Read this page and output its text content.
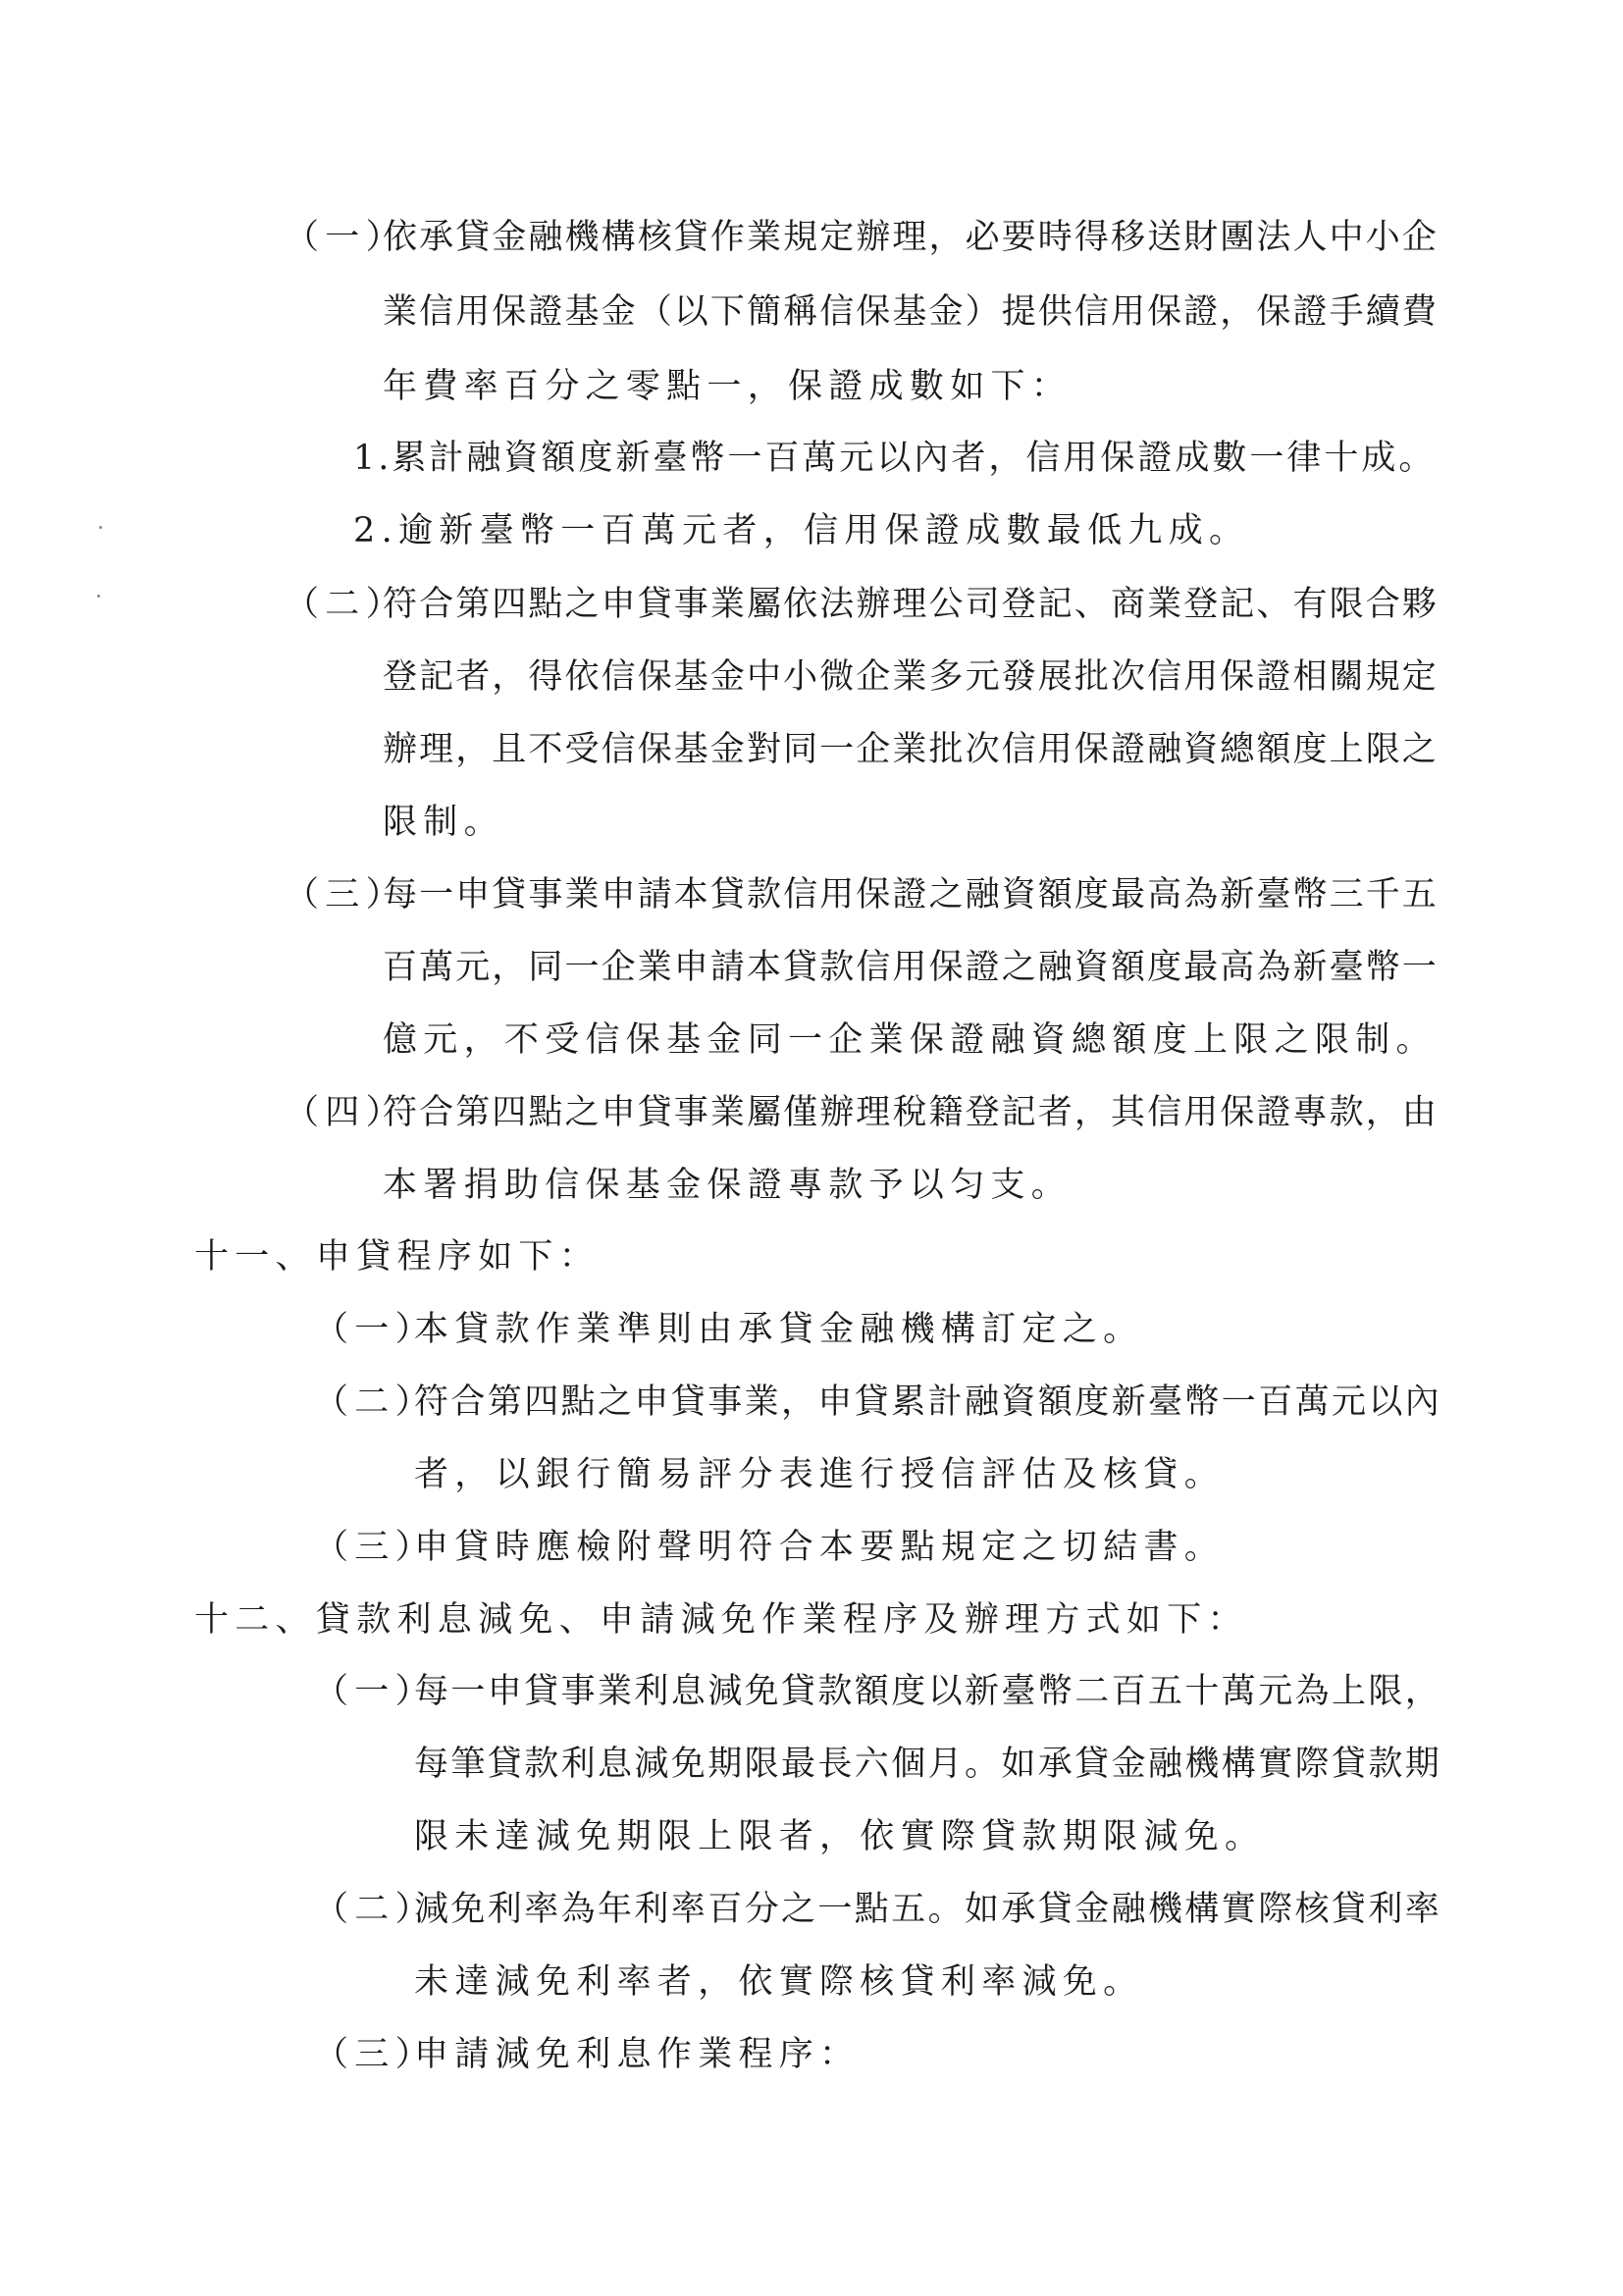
（一）
依承貸金融機構核貸作業規定辦理，必要時得移送財團法人中小企
業信用保證基金（以下簡稱信保基金）提供信用保證，保證手續費
年費率百分之零點一，保證成數如下：
1.累計融資額度新臺幣一百萬元以內者，信用保證成數一律十成。
2.逾新臺幣一百萬元者，信用保證成數最低九成。
（二）
符合第四點之申貸事業屬依法辦理公司登記、商業登記、有限合夥
登記者，得依信保基金中小微企業多元發展批次信用保證相關規定
辦理，且不受信保基金對同一企業批次信用保證融資總額度上限之
限制。
（三）
每一申貸事業申請本貸款信用保證之融資額度最高為新臺幣三千五
百萬元，同一企業申請本貸款信用保證之融資額度最高為新臺幣一
億元，不受信保基金同一企業保證融資總額度上限之限制。
（四）
符合第四點之申貸事業屬僅辦理稅籍登記者，其信用保證專款，由
本署捐助信保基金保證專款予以匀支。
十一、申貸程序如下：
（一）
本貸款作業準則由承貸金融機構訂定之。
（二）
符合第四點之申貸事業，申貸累計融資額度新臺幣一百萬元以內
者，以銀行簡易評分表進行授信評估及核貸。
（三）
申貸時應檢附聲明符合本要點規定之切結書。
十二、貸款利息減免、申請減免作業程序及辦理方式如下：
（一）
每一申貸事業利息減免貸款額度以新臺幣二百五十萬元為上限，
每筆貸款利息減免期限最長六個月。如承貸金融機構實際貸款期
限未達減免期限上限者，依實際貸款期限減免。
（二）
減免利率為年利率百分之一點五。如承貸金融機構實際核貸利率
未達減免利率者，依實際核貸利率減免。
（三）
申請減免利息作業程序：
